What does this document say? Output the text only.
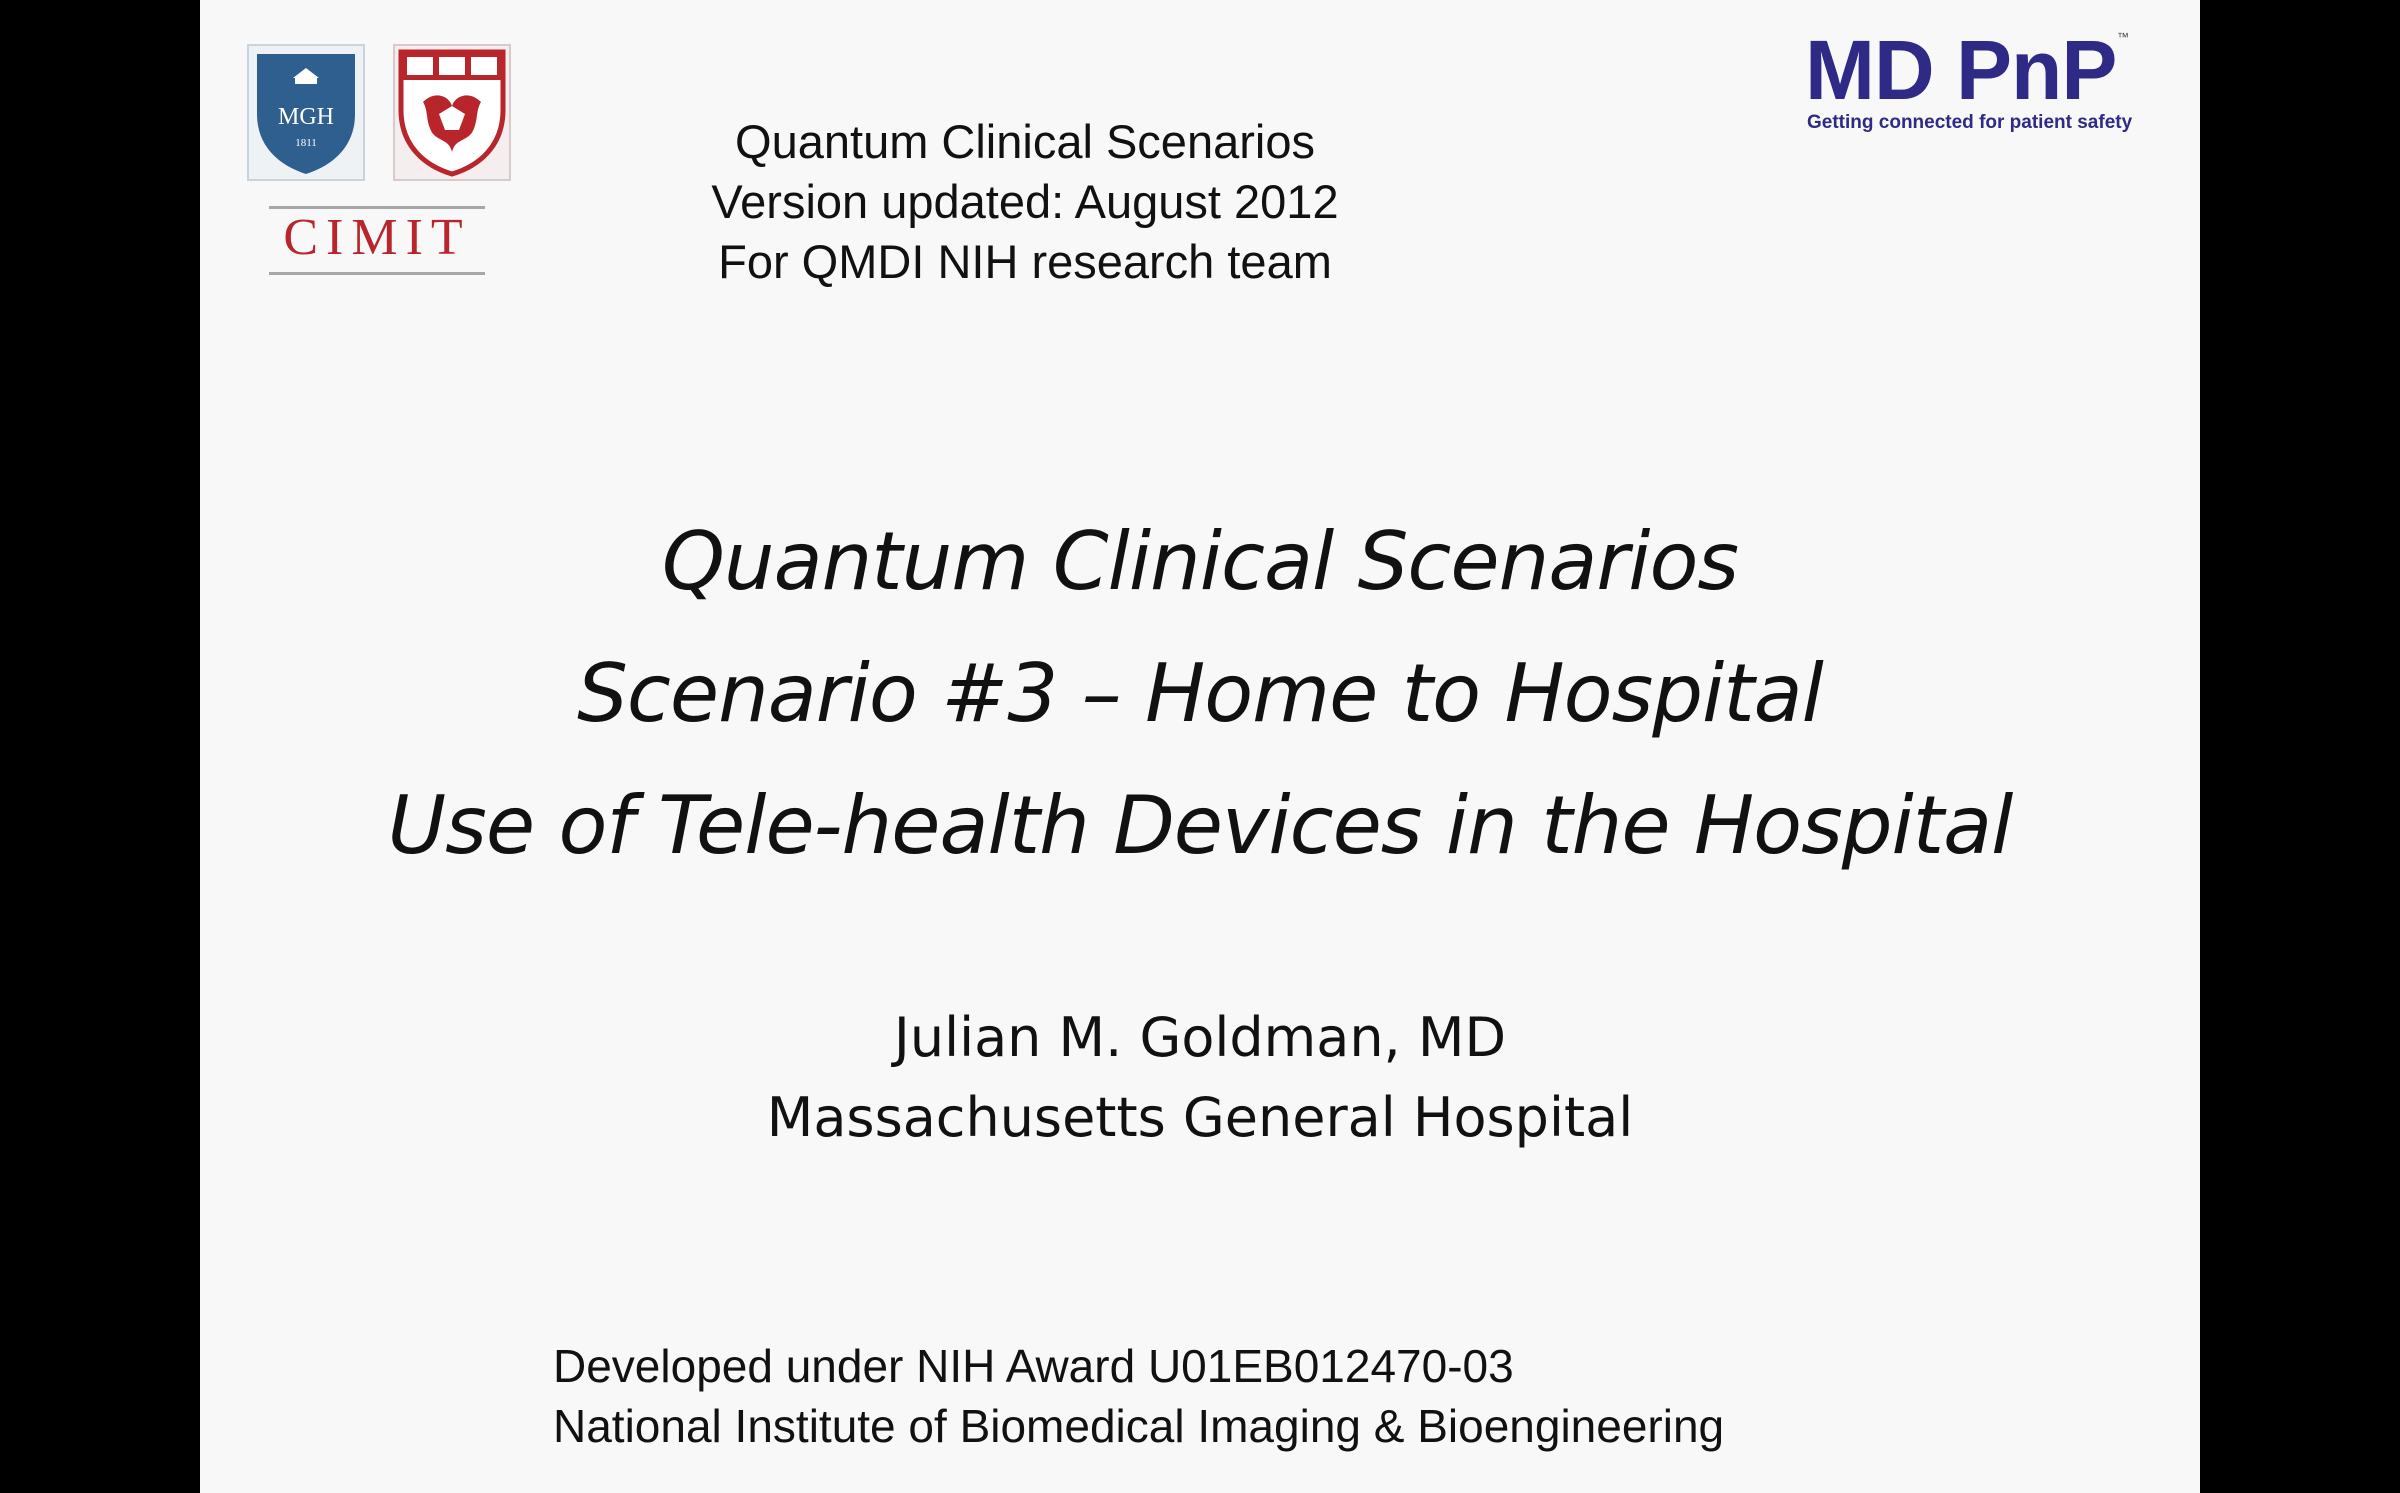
MGH
1811
CIMIT
MD PnP ™
Getting connected for patient safety
Quantum Clinical Scenarios
Version updated: August 2012
For QMDI NIH research team
Quantum Clinical Scenarios
Scenario #3 – Home to Hospital
Use of Tele-health Devices in the Hospital
Julian M. Goldman, MD
Massachusetts General Hospital
Developed under NIH Award U01EB012470-03
National Institute of Biomedical Imaging & Bioengineering
